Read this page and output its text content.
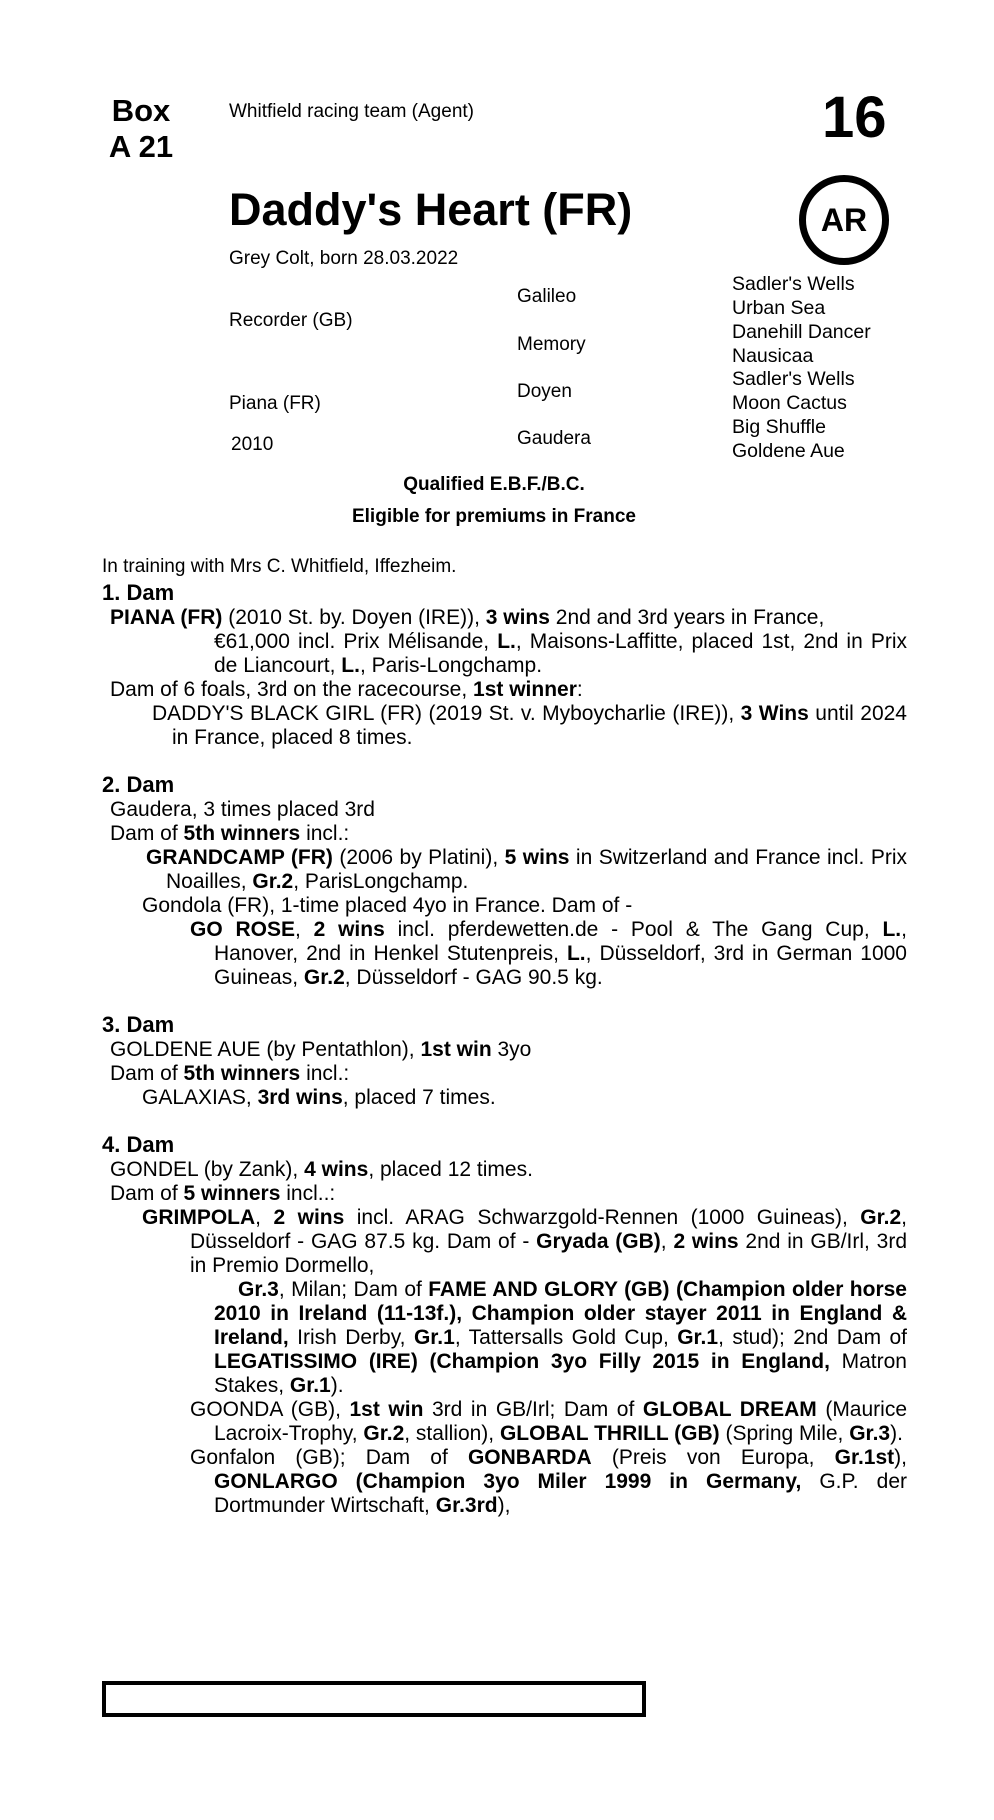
Box
A 21
Whitfield racing team (Agent)	16
AR
Daddy's Heart (FR)
Grey Colt, born 28.03.2022
Recorder (GB)
Piana (FR)
2010
Galileo
Memory
Doyen
Gaudera
Sadler's Wells
Urban Sea
Danehill Dancer
Nausicaa
Sadler's Wells
Moon Cactus
Big Shuffle
Goldene Aue
Qualified E.B.F./B.C.
Eligible for premiums in France
In training with Mrs C. Whitfield, Iffezheim.
1. Dam

PIANA (FR) (2010 St. by. Doyen (IRE)), 3 wins 2nd and 3rd years in France,

€61,000 incl. Prix Mélisande, L., Maisons-Laffitte, placed 1st, 2nd in Prix de Liancourt, L., Paris-Longchamp.

Dam of 6 foals, 3rd on the racecourse, 1st winner:

DADDY'S BLACK GIRL (FR) (2019 St. v. Myboycharlie (IRE)), 3 Wins until 2024 in France, placed 8 times.

2. Dam

Gaudera, 3 times placed 3rd

Dam of 5th winners incl.:

GRANDCAMP (FR) (2006 by Platini), 5 wins in Switzerland and France incl. Prix Noailles, Gr.2, ParisLongchamp.

Gondola (FR), 1-time placed 4yo in France. Dam of -

GO ROSE, 2 wins incl. pferdewetten.de - Pool & The Gang Cup, L., Hanover, 2nd in Henkel Stutenpreis, L., Düsseldorf, 3rd in German 1000 Guineas, Gr.2, Düsseldorf - GAG 90.5 kg.

3. Dam

GOLDENE AUE (by Pentathlon), 1st win 3yo

Dam of 5th winners incl.:

GALAXIAS, 3rd wins, placed 7 times.

4. Dam

GONDEL (by Zank), 4 wins, placed 12 times.

Dam of 5 winners incl..:

GRIMPOLA, 2 wins incl. ARAG Schwarzgold-Rennen (1000 Guineas), Gr.2, Düsseldorf - GAG 87.5 kg. Dam of - Gryada (GB), 2 wins 2nd in GB/Irl, 3rd in Premio Dormello,

Gr.3, Milan; Dam of FAME AND GLORY (GB) (Champion older horse 2010 in Ireland (11-13f.), Champion older stayer 2011 in England & Ireland, Irish Derby, Gr.1, Tattersalls Gold Cup, Gr.1, stud); 2nd Dam of LEGATISSIMO (IRE) (Champion 3yo Filly 2015 in England, Matron Stakes, Gr.1).

GOONDA (GB), 1st win 3rd in GB/Irl; Dam of GLOBAL DREAM (Maurice Lacroix-Trophy, Gr.2, stallion), GLOBAL THRILL (GB) (Spring Mile, Gr.3).

Gonfalon (GB); Dam of GONBARDA (Preis von Europa, Gr.1st), GONLARGO (Champion 3yo Miler 1999 in Germany, G.P. der Dortmunder Wirtschaft, Gr.3rd),
